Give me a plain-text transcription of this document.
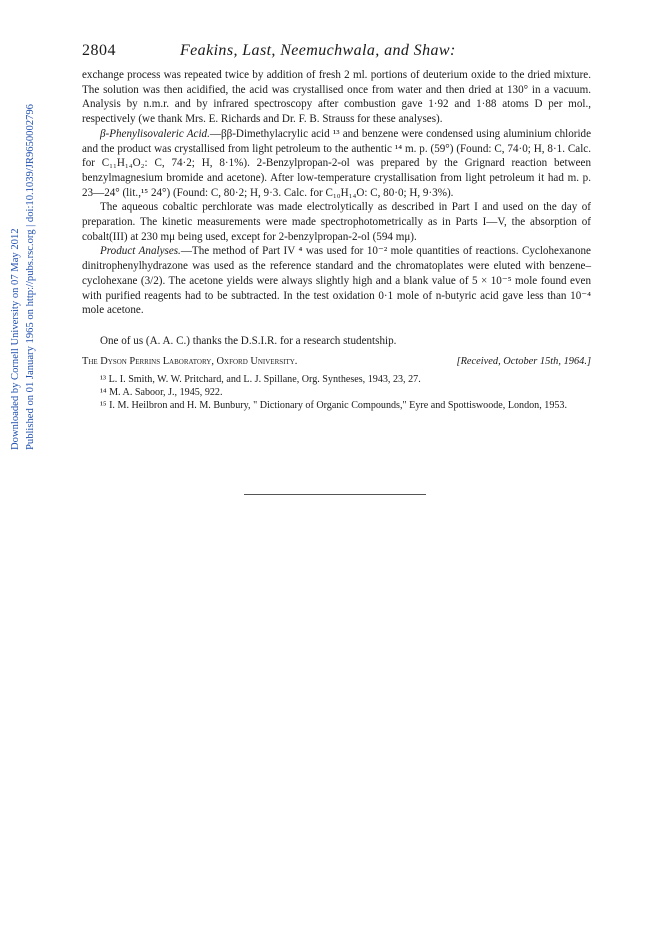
Downloaded by Cornell University on 07 May 2012 Published on 01 January 1965 on http://pubs.rsc.org | doi:10.1039/JR9650002796
2804	Feakins, Last, Neemuchwala, and Shaw:

exchange process was repeated twice by addition of fresh 2 ml. portions of deuterium oxide to the dried mixture. The solution was then acidified, the acid was crystallised once from water and then dried at 130° in a vacuum. Analysis by n.m.r. and by infrared spectroscopy after combustion gave 1·92 and 1·88 atoms D per mol., respectively (we thank Mrs. E. Richards and Dr. F. B. Strauss for these analyses).

β-Phenylisovaleric Acid.—ββ-Dimethylacrylic acid ¹³ and benzene were condensed using aluminium chloride and the product was crystallised from light petroleum to the authentic ¹⁴ m. p. (59°) (Found: C, 74·0; H, 8·1. Calc. for C₁₁H₁₄O₂: C, 74·2; H, 8·1%). 2-Benzylpropan-2-ol was prepared by the Grignard reaction between benzylmagnesium bromide and acetone). After low-temperature crystallisation from light petroleum it had m. p. 23—24° (lit.,¹⁵ 24°) (Found: C, 80·2; H, 9·3. Calc. for C₁₀H₁₄O: C, 80·0; H, 9·3%).

The aqueous cobaltic perchlorate was made electrolytically as described in Part I and used on the day of preparation. The kinetic measurements were made spectrophotometrically as in Parts I—V, the absorption of cobalt(III) at 230 mμ being used, except for 2-benzylpropan-2-ol (594 mμ).

Product Analyses.—The method of Part IV ⁴ was used for 10⁻² mole quantities of reactions. Cyclohexanone dinitrophenylhydrazone was used as the reference standard and the chromatoplates were eluted with benzene–cyclohexane (3/2). The acetone yields were always slightly high and a blank value of 5 × 10⁻⁵ mole found even with purified reagents had to be subtracted. In the test oxidation 0·1 mole of n-butyric acid gave less than 10⁻⁴ mole acetone.

One of us (A. A. C.) thanks the D.S.I.R. for a research studentship.

The Dyson Perrins Laboratory, Oxford University.	[Received, October 15th, 1964.]
¹³ L. I. Smith, W. W. Pritchard, and L. J. Spillane, Org. Syntheses, 1943, 23, 27.
¹⁴ M. A. Saboor, J., 1945, 922.
¹⁵ I. M. Heilbron and H. M. Bunbury, " Dictionary of Organic Compounds," Eyre and Spottiswoode, London, 1953.
